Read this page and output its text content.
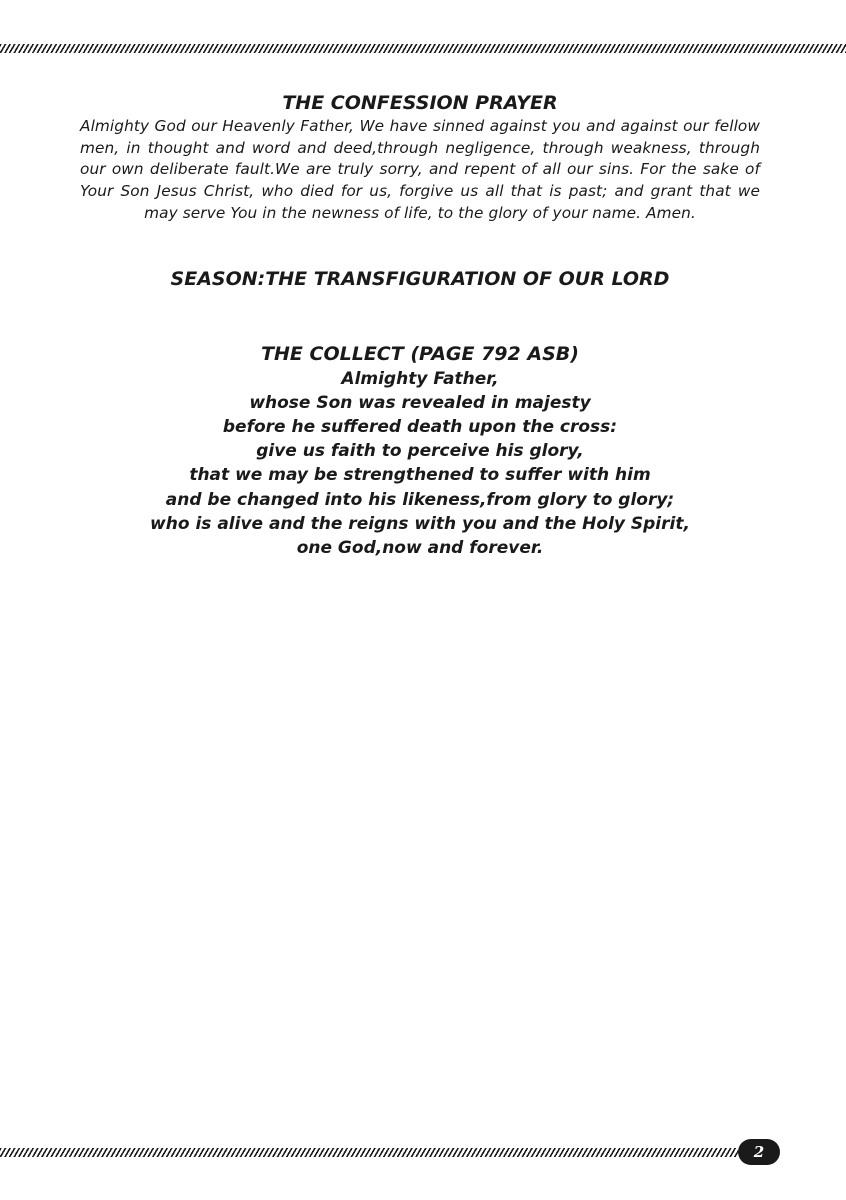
THE CONFESSION PRAYER

Almighty God our Heavenly Father, We have sinned against you and against our fellow men, in thought and word and deed,through negligence, through weakness, through our own deliberate fault.We are truly sorry, and repent of all our sins. For the sake of Your Son Jesus Christ, who died for us, forgive us all that is past; and grant that we may serve You in the newness of life, to the glory of your name. Amen.

SEASON:THE TRANSFIGURATION OF OUR LORD
THE COLLECT (PAGE 792 ASB)
Almighty Father,
whose Son was revealed in majesty
before he suffered death upon the cross:
give us faith to perceive his glory,
that we may be strengthened to suffer with him
and be changed into his likeness,from glory to glory;
who is alive and the reigns with you and the Holy Spirit,
one God,now and forever.
2
